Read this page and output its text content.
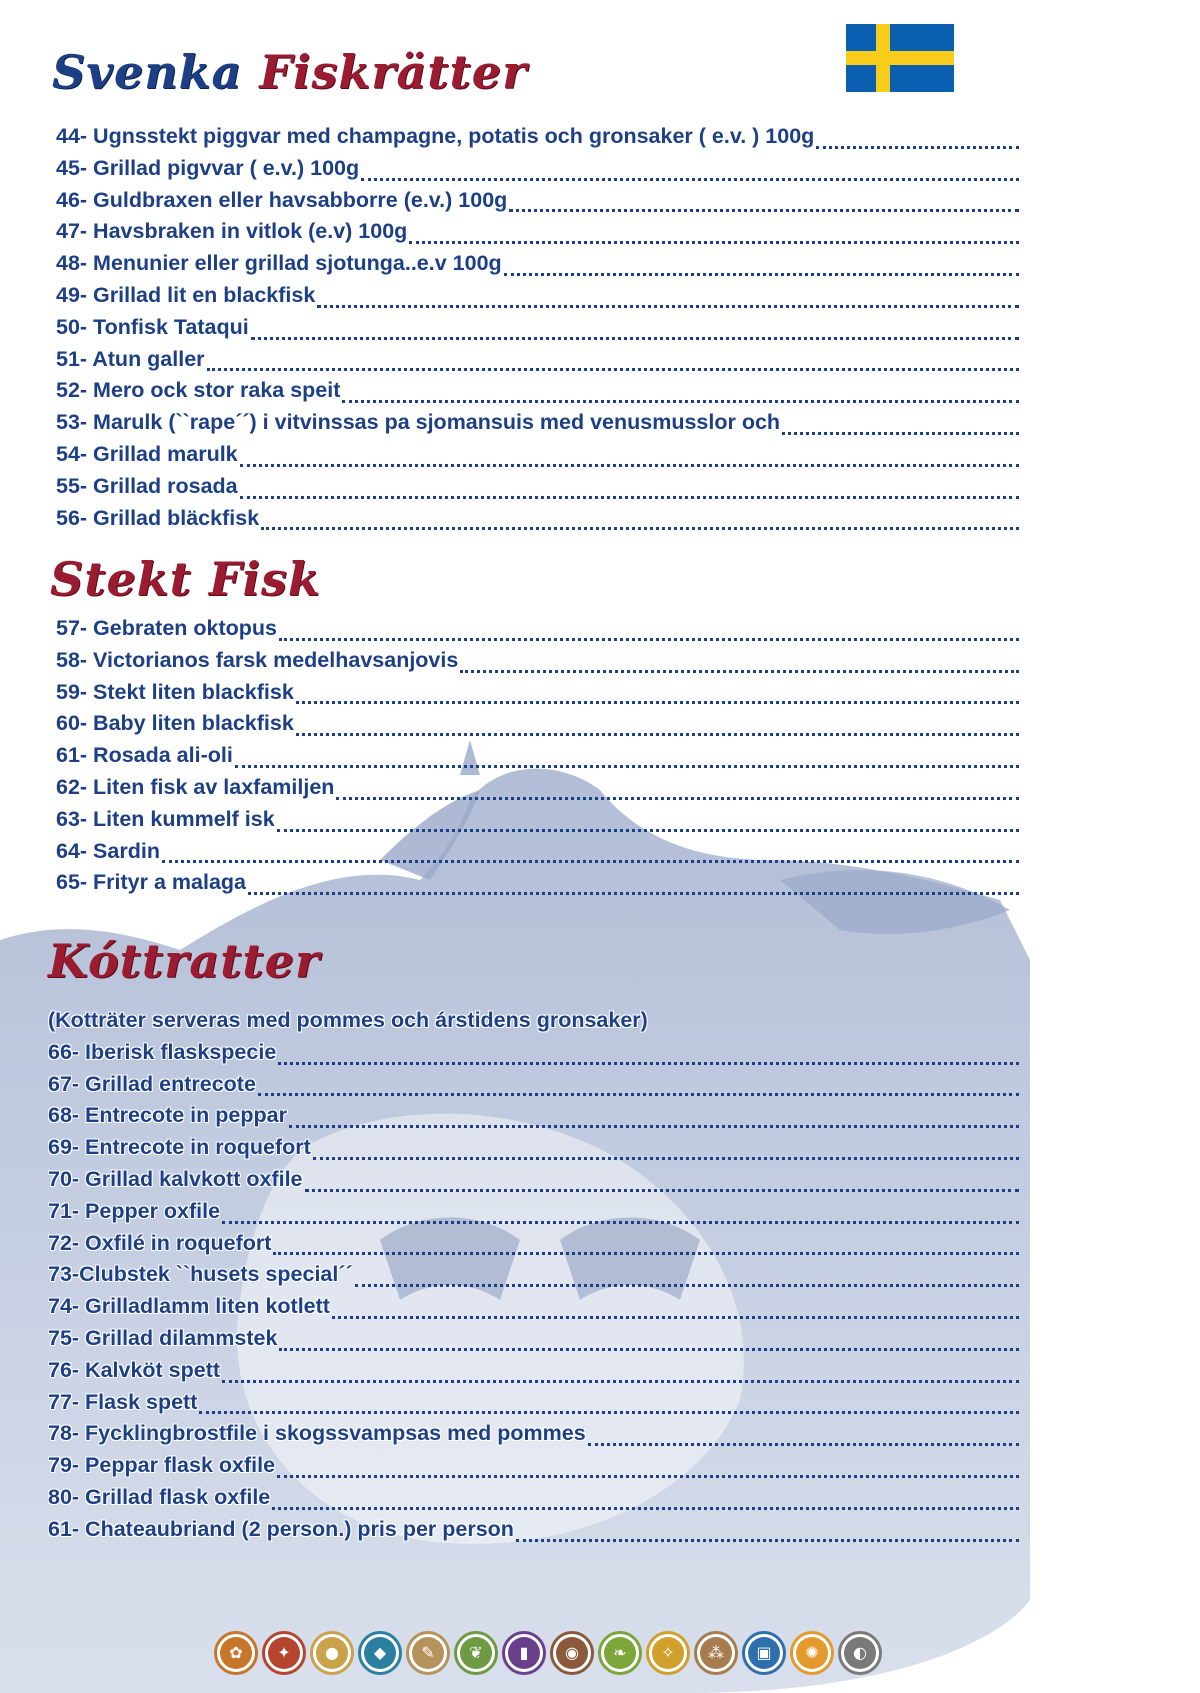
Svenka Fiskrätter
44- Ugnsstekt piggvar med champagne, potatis och gronsaker ( e.v. ) 100g
45- Grillad pigvvar ( e.v.) 100g
46- Guldbraxen eller havsabborre (e.v.) 100g
47- Havsbraken in vitlok (e.v) 100g
48- Menunier eller grillad sjotunga..e.v 100g
49- Grillad lit en blackfisk
50- Tonfisk Tataqui
51- Atun galler
52- Mero ock stor raka speit
53- Marulk (``rape´´) i vitvinssas pa sjomansuis med venusmusslor och
54- Grillad marulk
55- Grillad rosada
56- Grillad bläckfisk
Stekt Fisk
57- Gebraten oktopus
58- Victorianos farsk medelhavsanjovis
59- Stekt liten blackfisk
60- Baby liten blackfisk
61- Rosada ali-oli
62- Liten fisk av laxfamiljen
63- Liten kummelf isk
64- Sardin
65- Frityr a malaga
Kóttratter
(Kotträter serveras med pommes och árstidens gronsaker)
66- Iberisk flaskspecie
67- Grillad entrecote
68- Entrecote in peppar
69- Entrecote in roquefort
70- Grillad kalvkott oxfile
71- Pepper oxfile
72- Oxfilé in roquefort
73-Clubstek ``husets special´´
74- Grilladlamm liten kotlett
75- Grillad dilammstek
76- Kalvköt spett
77- Flask spett
78- Fycklingbrostfile i skogssvampsas med pommes
79- Peppar flask oxfile
80- Grillad flask oxfile
61- Chateaubriand (2 person.) pris per person
✿	✦	●	◆	✎	❦	▮	◉	❧	✧	⁂	▣	✺	◐
